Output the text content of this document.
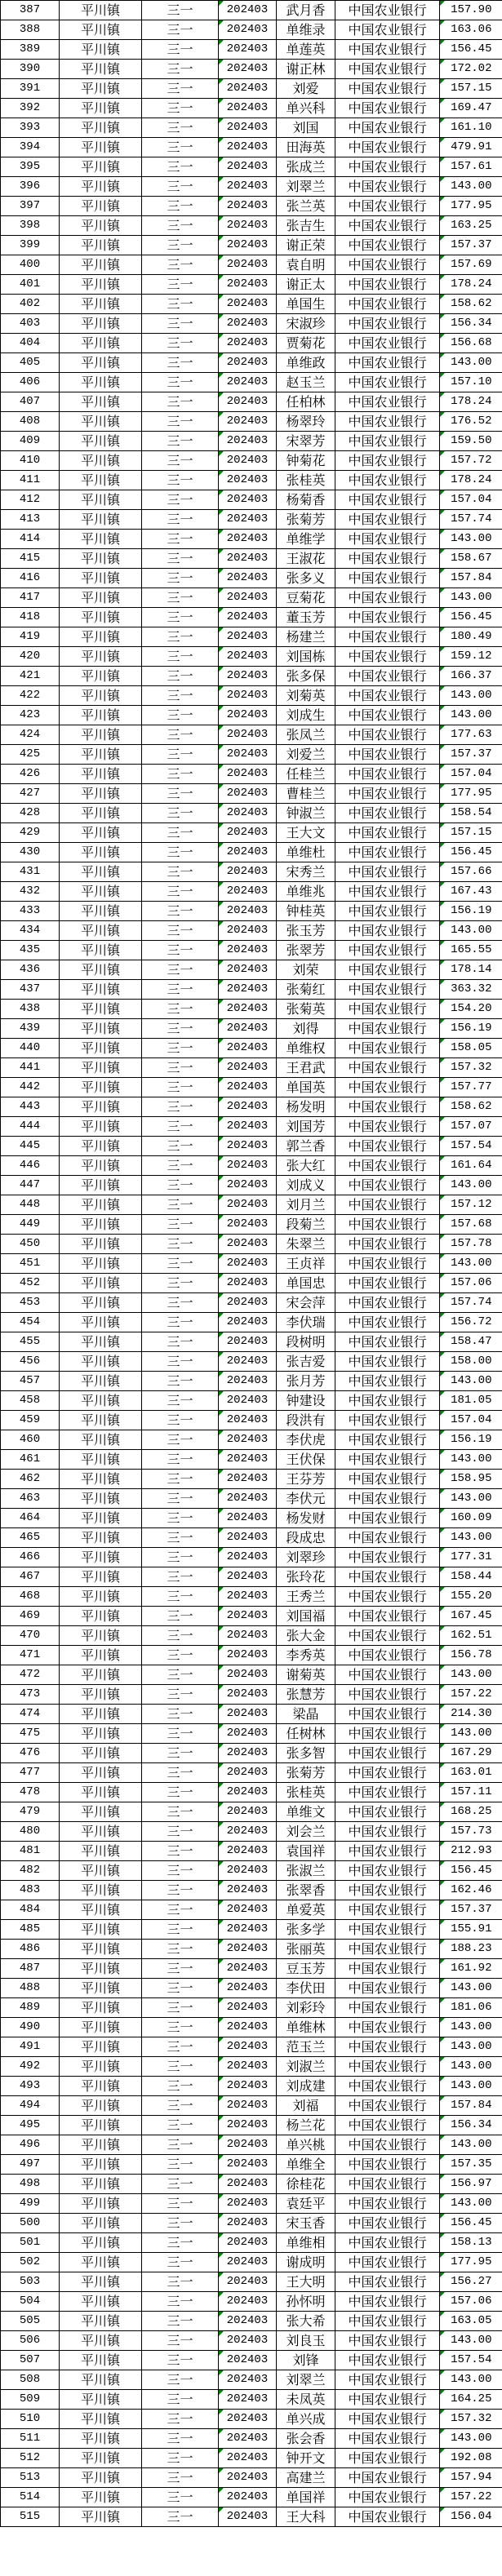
387	平川镇	三一	202403	武月香	中国农业银行	157.90
388	平川镇	三一	202403	单维录	中国农业银行	163.06
389	平川镇	三一	202403	单莲英	中国农业银行	156.45
390	平川镇	三一	202403	谢正林	中国农业银行	172.02
391	平川镇	三一	202403	刘爱	中国农业银行	157.15
392	平川镇	三一	202403	单兴科	中国农业银行	169.47
393	平川镇	三一	202403	刘国	中国农业银行	161.10
394	平川镇	三一	202403	田海英	中国农业银行	479.91
395	平川镇	三一	202403	张成兰	中国农业银行	157.61
396	平川镇	三一	202403	刘翠兰	中国农业银行	143.00
397	平川镇	三一	202403	张兰英	中国农业银行	177.95
398	平川镇	三一	202403	张吉生	中国农业银行	163.25
399	平川镇	三一	202403	谢正荣	中国农业银行	157.37
400	平川镇	三一	202403	袁自明	中国农业银行	157.69
401	平川镇	三一	202403	谢正太	中国农业银行	178.24
402	平川镇	三一	202403	单国生	中国农业银行	158.62
403	平川镇	三一	202403	宋淑珍	中国农业银行	156.34
404	平川镇	三一	202403	贾菊花	中国农业银行	156.68
405	平川镇	三一	202403	单维政	中国农业银行	143.00
406	平川镇	三一	202403	赵玉兰	中国农业银行	157.10
407	平川镇	三一	202403	任柏林	中国农业银行	178.24
408	平川镇	三一	202403	杨翠玲	中国农业银行	176.52
409	平川镇	三一	202403	宋翠芳	中国农业银行	159.50
410	平川镇	三一	202403	钟菊花	中国农业银行	157.72
411	平川镇	三一	202403	张桂英	中国农业银行	178.24
412	平川镇	三一	202403	杨菊香	中国农业银行	157.04
413	平川镇	三一	202403	张菊芳	中国农业银行	157.74
414	平川镇	三一	202403	单维学	中国农业银行	143.00
415	平川镇	三一	202403	王淑花	中国农业银行	158.67
416	平川镇	三一	202403	张多义	中国农业银行	157.84
417	平川镇	三一	202403	豆菊花	中国农业银行	143.00
418	平川镇	三一	202403	董玉芳	中国农业银行	156.45
419	平川镇	三一	202403	杨建兰	中国农业银行	180.49
420	平川镇	三一	202403	刘国栋	中国农业银行	159.12
421	平川镇	三一	202403	张多保	中国农业银行	166.37
422	平川镇	三一	202403	刘菊英	中国农业银行	143.00
423	平川镇	三一	202403	刘成生	中国农业银行	143.00
424	平川镇	三一	202403	张凤兰	中国农业银行	177.63
425	平川镇	三一	202403	刘爱兰	中国农业银行	157.37
426	平川镇	三一	202403	任桂兰	中国农业银行	157.04
427	平川镇	三一	202403	曹桂兰	中国农业银行	177.95
428	平川镇	三一	202403	钟淑兰	中国农业银行	158.54
429	平川镇	三一	202403	王大文	中国农业银行	157.15
430	平川镇	三一	202403	单维杜	中国农业银行	156.45
431	平川镇	三一	202403	宋秀兰	中国农业银行	157.66
432	平川镇	三一	202403	单维兆	中国农业银行	167.43
433	平川镇	三一	202403	钟桂英	中国农业银行	156.19
434	平川镇	三一	202403	张玉芳	中国农业银行	143.00
435	平川镇	三一	202403	张翠芳	中国农业银行	165.55
436	平川镇	三一	202403	刘荣	中国农业银行	178.14
437	平川镇	三一	202403	张菊红	中国农业银行	363.32
438	平川镇	三一	202403	张菊英	中国农业银行	154.20
439	平川镇	三一	202403	刘得	中国农业银行	156.19
440	平川镇	三一	202403	单维权	中国农业银行	158.05
441	平川镇	三一	202403	王君武	中国农业银行	157.32
442	平川镇	三一	202403	单国英	中国农业银行	157.77
443	平川镇	三一	202403	杨发明	中国农业银行	158.62
444	平川镇	三一	202403	刘国芳	中国农业银行	157.07
445	平川镇	三一	202403	郭兰香	中国农业银行	157.54
446	平川镇	三一	202403	张大红	中国农业银行	161.64
447	平川镇	三一	202403	刘成义	中国农业银行	143.00
448	平川镇	三一	202403	刘月兰	中国农业银行	157.12
449	平川镇	三一	202403	段菊兰	中国农业银行	157.68
450	平川镇	三一	202403	朱翠兰	中国农业银行	157.78
451	平川镇	三一	202403	王贞祥	中国农业银行	143.00
452	平川镇	三一	202403	单国忠	中国农业银行	157.06
453	平川镇	三一	202403	宋会萍	中国农业银行	157.74
454	平川镇	三一	202403	李伏瑞	中国农业银行	156.72
455	平川镇	三一	202403	段树明	中国农业银行	158.47
456	平川镇	三一	202403	张吉爱	中国农业银行	158.00
457	平川镇	三一	202403	张月芳	中国农业银行	143.00
458	平川镇	三一	202403	钟建设	中国农业银行	181.05
459	平川镇	三一	202403	段洪有	中国农业银行	157.04
460	平川镇	三一	202403	李伏虎	中国农业银行	156.19
461	平川镇	三一	202403	王伏保	中国农业银行	143.00
462	平川镇	三一	202403	王芬芳	中国农业银行	158.95
463	平川镇	三一	202403	李伏元	中国农业银行	143.00
464	平川镇	三一	202403	杨发财	中国农业银行	160.09
465	平川镇	三一	202403	段成忠	中国农业银行	143.00
466	平川镇	三一	202403	刘翠珍	中国农业银行	177.31
467	平川镇	三一	202403	张玲花	中国农业银行	158.44
468	平川镇	三一	202403	王秀兰	中国农业银行	155.20
469	平川镇	三一	202403	刘国福	中国农业银行	167.45
470	平川镇	三一	202403	张大金	中国农业银行	162.51
471	平川镇	三一	202403	李秀英	中国农业银行	156.78
472	平川镇	三一	202403	谢菊英	中国农业银行	143.00
473	平川镇	三一	202403	张慧芳	中国农业银行	157.22
474	平川镇	三一	202403	梁晶	中国农业银行	214.30
475	平川镇	三一	202403	任树林	中国农业银行	143.00
476	平川镇	三一	202403	张多智	中国农业银行	167.29
477	平川镇	三一	202403	张菊芳	中国农业银行	163.01
478	平川镇	三一	202403	张桂英	中国农业银行	157.11
479	平川镇	三一	202403	单维文	中国农业银行	168.25
480	平川镇	三一	202403	刘会兰	中国农业银行	157.73
481	平川镇	三一	202403	袁国祥	中国农业银行	212.93
482	平川镇	三一	202403	张淑兰	中国农业银行	156.45
483	平川镇	三一	202403	张翠香	中国农业银行	162.46
484	平川镇	三一	202403	单爱英	中国农业银行	157.37
485	平川镇	三一	202403	张多学	中国农业银行	155.91
486	平川镇	三一	202403	张丽英	中国农业银行	188.23
487	平川镇	三一	202403	豆玉芳	中国农业银行	161.92
488	平川镇	三一	202403	李伏田	中国农业银行	143.00
489	平川镇	三一	202403	刘彩玲	中国农业银行	181.06
490	平川镇	三一	202403	单维林	中国农业银行	143.00
491	平川镇	三一	202403	范玉兰	中国农业银行	143.00
492	平川镇	三一	202403	刘淑兰	中国农业银行	143.00
493	平川镇	三一	202403	刘成建	中国农业银行	143.00
494	平川镇	三一	202403	刘福	中国农业银行	157.84
495	平川镇	三一	202403	杨兰花	中国农业银行	156.34
496	平川镇	三一	202403	单兴桃	中国农业银行	143.00
497	平川镇	三一	202403	单维全	中国农业银行	157.35
498	平川镇	三一	202403	徐桂花	中国农业银行	156.97
499	平川镇	三一	202403	袁廷平	中国农业银行	143.00
500	平川镇	三一	202403	宋玉香	中国农业银行	156.45
501	平川镇	三一	202403	单维相	中国农业银行	158.13
502	平川镇	三一	202403	谢成明	中国农业银行	177.95
503	平川镇	三一	202403	王大明	中国农业银行	156.27
504	平川镇	三一	202403	孙怀明	中国农业银行	157.06
505	平川镇	三一	202403	张大希	中国农业银行	163.05
506	平川镇	三一	202403	刘良玉	中国农业银行	143.00
507	平川镇	三一	202403	刘锋	中国农业银行	157.54
508	平川镇	三一	202403	刘翠兰	中国农业银行	143.00
509	平川镇	三一	202403	未凤英	中国农业银行	164.25
510	平川镇	三一	202403	单兴成	中国农业银行	157.32
511	平川镇	三一	202403	张会香	中国农业银行	143.00
512	平川镇	三一	202403	钟开文	中国农业银行	192.08
513	平川镇	三一	202403	高建兰	中国农业银行	157.94
514	平川镇	三一	202403	单国祥	中国农业银行	157.22
515	平川镇	三一	202403	王大科	中国农业银行	156.04
